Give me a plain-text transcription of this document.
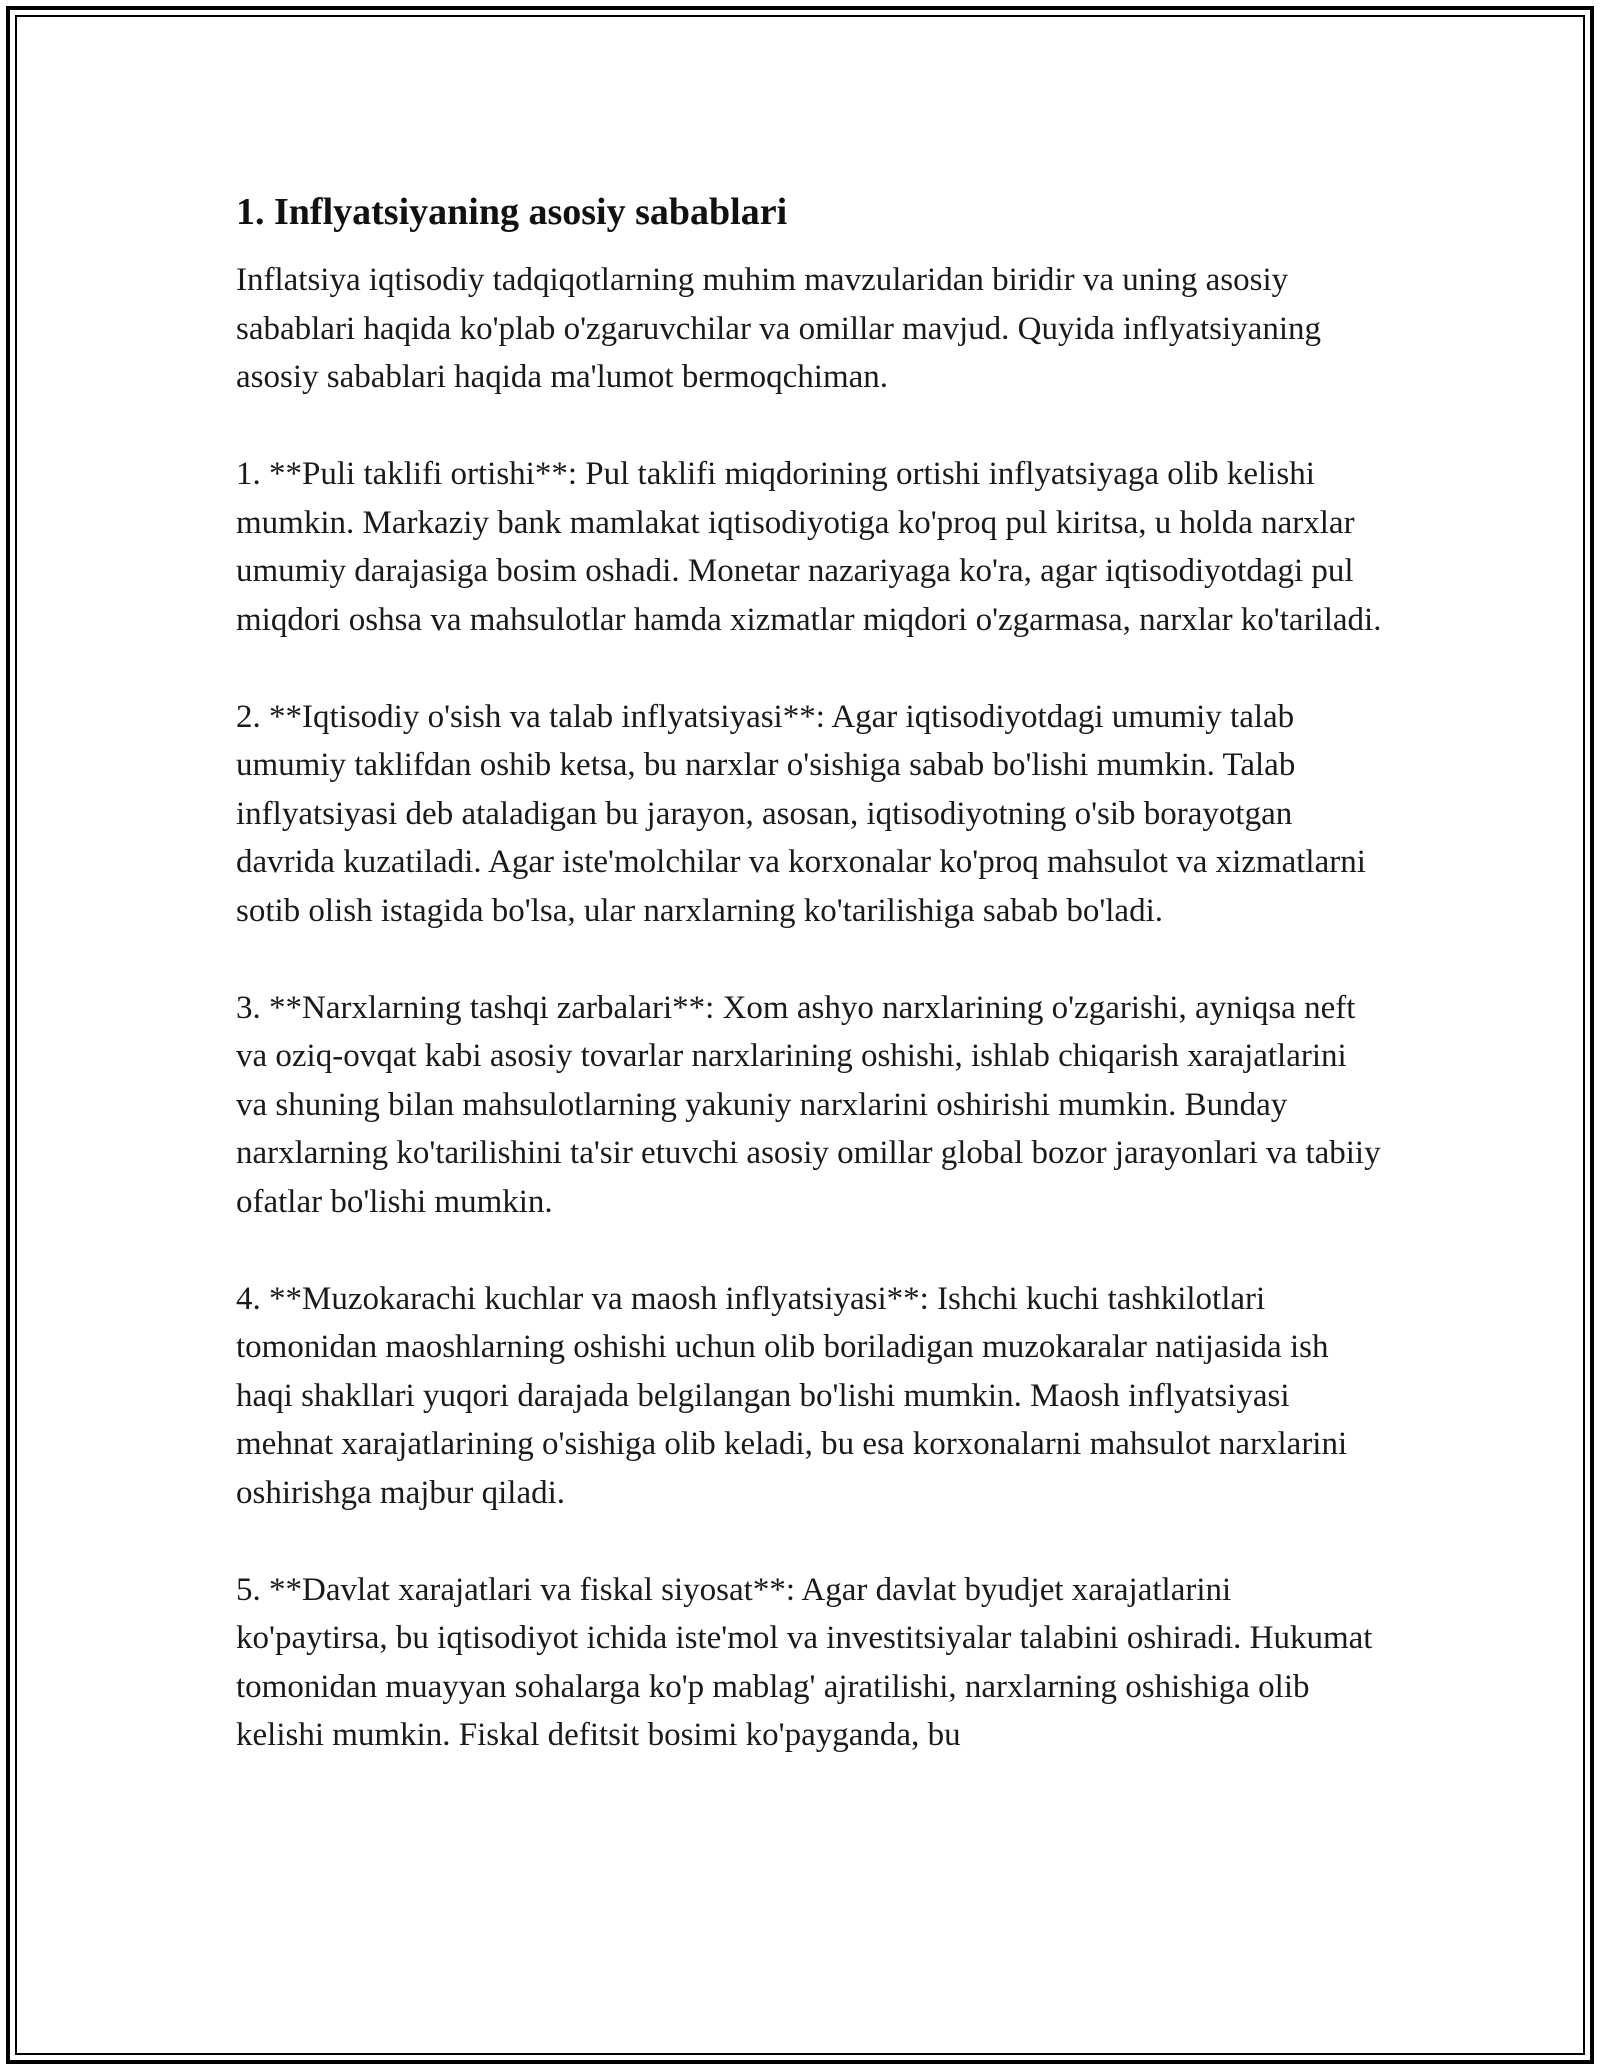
1. Inflyatsiyaning asosiy sabablari

Inflatsiya iqtisodiy tadqiqotlarning muhim mavzularidan biridir va uning asosiy sabablari haqida ko'plab o'zgaruvchilar va omillar mavjud. Quyida inflyatsiyaning asosiy sabablari haqida ma'lumot bermoqchiman.

1. **Puli taklifi ortishi**: Pul taklifi miqdorining ortishi inflyatsiyaga olib kelishi mumkin. Markaziy bank mamlakat iqtisodiyotiga ko'proq pul kiritsa, u holda narxlar umumiy darajasiga bosim oshadi. Monetar nazariyaga ko'ra, agar iqtisodiyotdagi pul miqdori oshsa va mahsulotlar hamda xizmatlar miqdori o'zgarmasa, narxlar ko'tariladi.

2. **Iqtisodiy o'sish va talab inflyatsiyasi**: Agar iqtisodiyotdagi umumiy talab umumiy taklifdan oshib ketsa, bu narxlar o'sishiga sabab bo'lishi mumkin. Talab inflyatsiyasi deb ataladigan bu jarayon, asosan, iqtisodiyotning o'sib borayotgan davrida kuzatiladi. Agar iste'molchilar va korxonalar ko'proq mahsulot va xizmatlarni sotib olish istagida bo'lsa, ular narxlarning ko'tarilishiga sabab bo'ladi.

3. **Narxlarning tashqi zarbalari**: Xom ashyo narxlarining o'zgarishi, ayniqsa neft va oziq-ovqat kabi asosiy tovarlar narxlarining oshishi, ishlab chiqarish xarajatlarini va shuning bilan mahsulotlarning yakuniy narxlarini oshirishi mumkin. Bunday narxlarning ko'tarilishini ta'sir etuvchi asosiy omillar global bozor jarayonlari va tabiiy ofatlar bo'lishi mumkin.

4. **Muzokarachi kuchlar va maosh inflyatsiyasi**: Ishchi kuchi tashkilotlari tomonidan maoshlarning oshishi uchun olib boriladigan muzokaralar natijasida ish haqi shakllari yuqori darajada belgilangan bo'lishi mumkin. Maosh inflyatsiyasi mehnat xarajatlarining o'sishiga olib keladi, bu esa korxonalarni mahsulot narxlarini oshirishga majbur qiladi.

5. **Davlat xarajatlari va fiskal siyosat**: Agar davlat byudjet xarajatlarini ko'paytirsa, bu iqtisodiyot ichida iste'mol va investitsiyalar talabini oshiradi. Hukumat tomonidan muayyan sohalarga ko'p mablag' ajratilishi, narxlarning oshishiga olib kelishi mumkin. Fiskal defitsit bosimi ko'payganda, bu
